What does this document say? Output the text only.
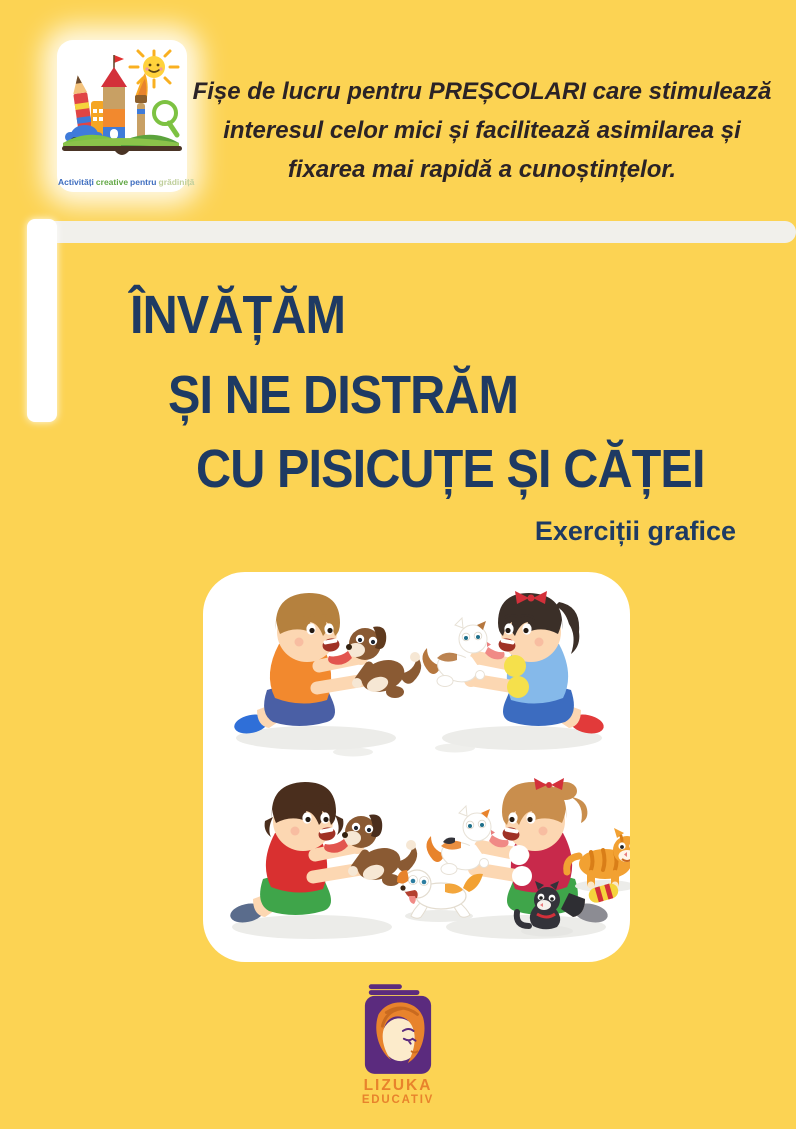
Activități creative pentru grădiniță
Fișe de lucru pentru PREȘCOLARI care stimulează
interesul celor mici și facilitează asimilarea și
fixarea mai rapidă a cunoștințelor.
ÎNVĂȚĂM
ȘI NE DISTRĂM
CU PISICUȚE ȘI CĂȚEI
Exerciții grafice
LIZUKA
EDUCATIV
